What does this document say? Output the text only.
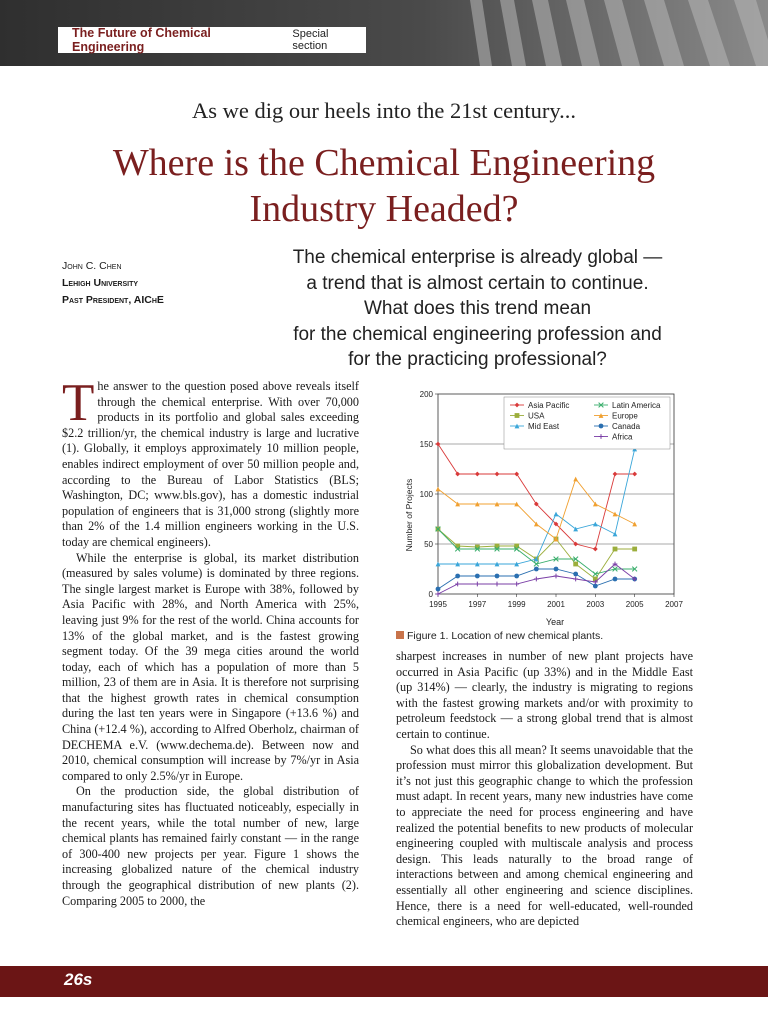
The Future of Chemical Engineering
Special section
As we dig our heels into the 21st century...
Where is the Chemical Engineering
Industry Headed?
John C. Chen
Lehigh University
Past President, AIChE
The chemical enterprise is already global —
a trend that is almost certain to continue.
What does this trend mean
for the chemical engineering profession and
for the practicing professional?

The answer to the question posed above reveals itself through the chemical enterprise. With over 70,000 products in its portfolio and global sales exceeding $2.2 trillion/yr, the chemical industry is large and lucrative (1). Globally, it employs approximately 10 million people, enables indirect employment of over 50 million people and, according to the Bureau of Labor Statistics (BLS; Washington, DC; www.bls.gov), has a domestic industrial population of engineers that is 31,000 strong (slightly more than 2% of the 1.4 million engineers working in the U.S. today are chemical engineers).

While the enterprise is global, its market distribution (measured by sales volume) is dominated by three regions. The single largest market is Europe with 38%, followed by Asia Pacific with 28%, and North America with 25%, leaving just 9% for the rest of the world. China accounts for 13% of the global market, and is the fastest growing segment today. Of the 39 mega cities around the world today, each of which has a population of more than 5 million, 23 of them are in Asia. It is therefore not surprising that the highest growth rates in chemical consumption during the last ten years were in Singapore (+13.6 %) and China (+12.4 %), according to Alfred Oberholz, chairman of DECHEMA e.V. (www.dechema.de). Between now and 2010, chemical consumption will increase by 7%/yr in Asia compared to only 2.5%/yr in Europe.

On the production side, the global distribution of manufacturing sites has fluctuated noticeably, especially in the recent years, while the total number of new, large chemical plants has remained fairly constant — in the range of 300-400 new projects per year. Figure 1 shows the increasing globalized nature of the chemical industry through the geographical distribution of new plants (2). Comparing 2005 to 2000, the

Number of Projects
Year
0
50
100
150
200
1995	1997	1999	2001	2003	2005	2007
Asia Pacific
USA
Mid East
Latin America
Europe
Canada
Africa
Figure 1. Location of new chemical plants.

sharpest increases in number of new plant projects have occurred in Asia Pacific (up 33%) and in the Middle East (up 314%) — clearly, the industry is migrating to regions with the fastest growing markets and/or with proximity to petroleum feedstock — a strong global trend that is almost certain to continue.

So what does this all mean? It seems unavoidable that the profession must mirror this globalization development. But it’s not just this geographic change to which the profession must adapt. In recent years, many new industries have come to appreciate the need for process engineering and have realized the potential benefits to new products of molecular engineering coupled with multiscale analysis and process design. This leads naturally to the broad range of interactions between and among chemical engineering and essentially all other engineering and science disciplines. Hence, there is a need for well-educated, well-rounded chemical engineers, who are depicted

26s
